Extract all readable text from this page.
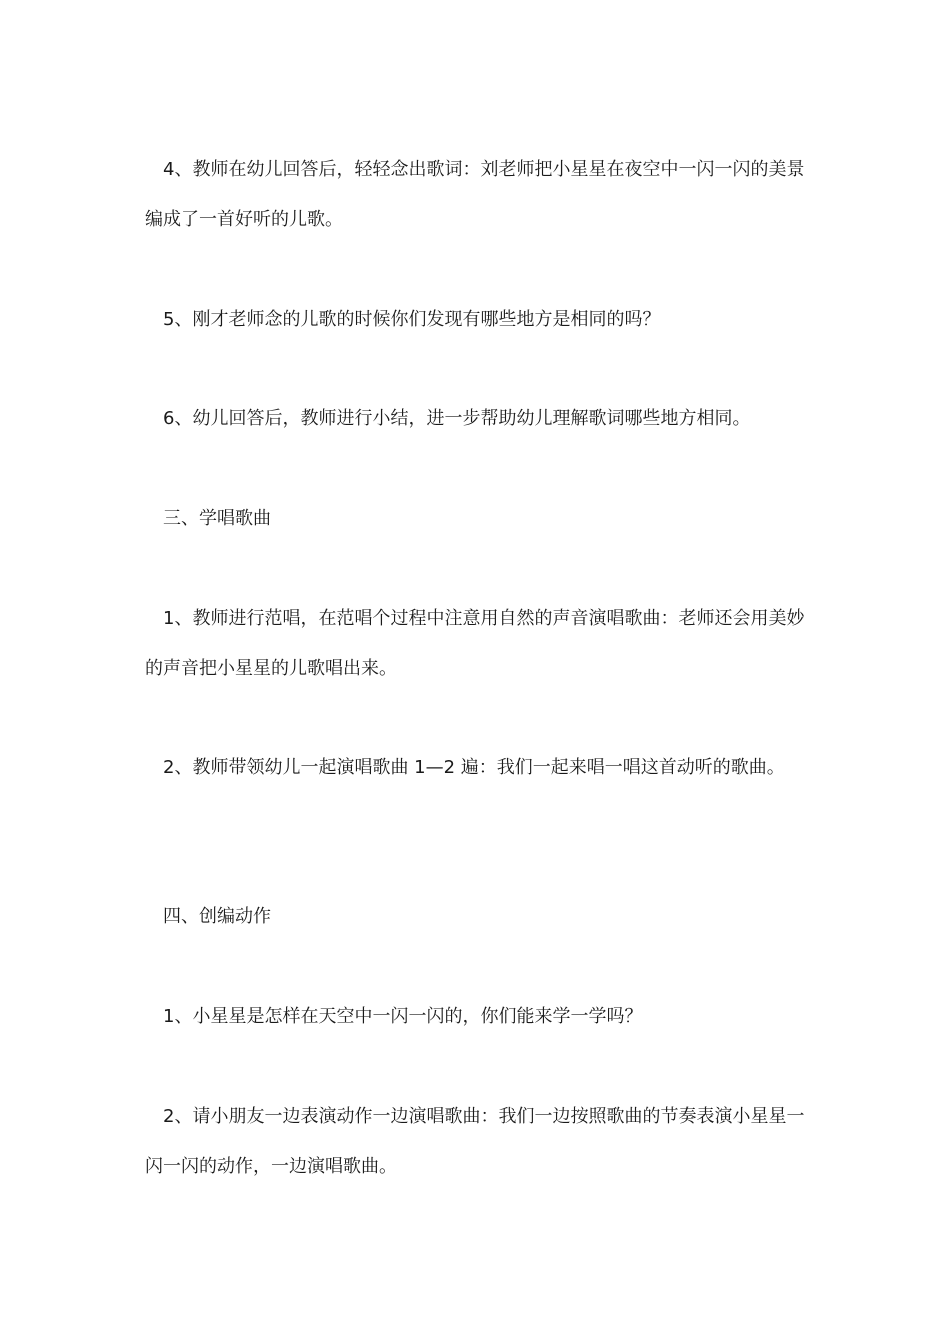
4、教师在幼儿回答后，轻轻念出歌词：刘老师把小星星在夜空中一闪一闪的美景编成了一首好听的儿歌。

5、刚才老师念的儿歌的时候你们发现有哪些地方是相同的吗？

6、幼儿回答后，教师进行小结，进一步帮助幼儿理解歌词哪些地方相同。

三、学唱歌曲

1、教师进行范唱，在范唱个过程中注意用自然的声音演唱歌曲：老师还会用美妙的声音把小星星的儿歌唱出来。

2、教师带领幼儿一起演唱歌曲 1—2 遍：我们一起来唱一唱这首动听的歌曲。

四、创编动作

1、小星星是怎样在天空中一闪一闪的，你们能来学一学吗？

2、请小朋友一边表演动作一边演唱歌曲：我们一边按照歌曲的节奏表演小星星一闪一闪的动作，一边演唱歌曲。
